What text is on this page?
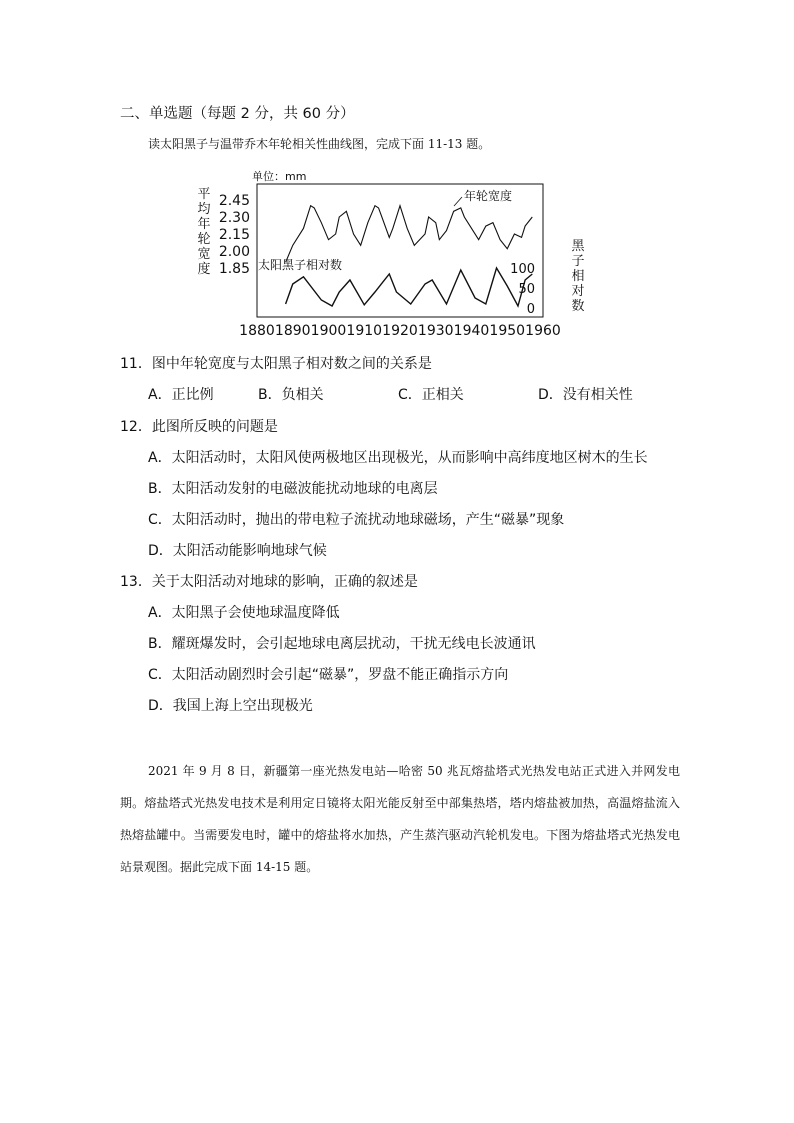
二、单选题（每题 2 分，共 60 分）
读太阳黑子与温带乔木年轮相关性曲线图，完成下面 11-13 题。
单位：mm
平
均
年
轮
宽
度
黑
子
相
对
数
2.45
2.30
2.15
2.00
1.85	100
50
0
1880 1890 1900 1910 1920 1930 1940 1950 1960
年轮宽度
太阳黑子相对数
11．图中年轮宽度与太阳黑子相对数之间的关系是
A．正比例	B．负相关	C．正相关	D．没有相关性
12．此图所反映的问题是
A．太阳活动时，太阳风使两极地区出现极光，从而影响中高纬度地区树木的生长
B．太阳活动发射的电磁波能扰动地球的电离层
C．太阳活动时，抛出的带电粒子流扰动地球磁场，产生“磁暴”现象
D．太阳活动能影响地球气候
13．关于太阳活动对地球的影响，正确的叙述是
A．太阳黑子会使地球温度降低
B．耀斑爆发时，会引起地球电离层扰动，干扰无线电长波通讯
C．太阳活动剧烈时会引起“磁暴”，罗盘不能正确指示方向
D．我国上海上空出现极光
2021 年 9 月 8 日，新疆第一座光热发电站—哈密 50 兆瓦熔盐塔式光热发电站正式进入并网发电期。熔盐塔式光热发电技术是利用定日镜将太阳光能反射至中部集热塔，塔内熔盐被加热，高温熔盐流入热熔盐罐中。当需要发电时，罐中的熔盐将水加热，产生蒸汽驱动汽轮机发电。下图为熔盐塔式光热发电站景观图。据此完成下面 14-15 题。
